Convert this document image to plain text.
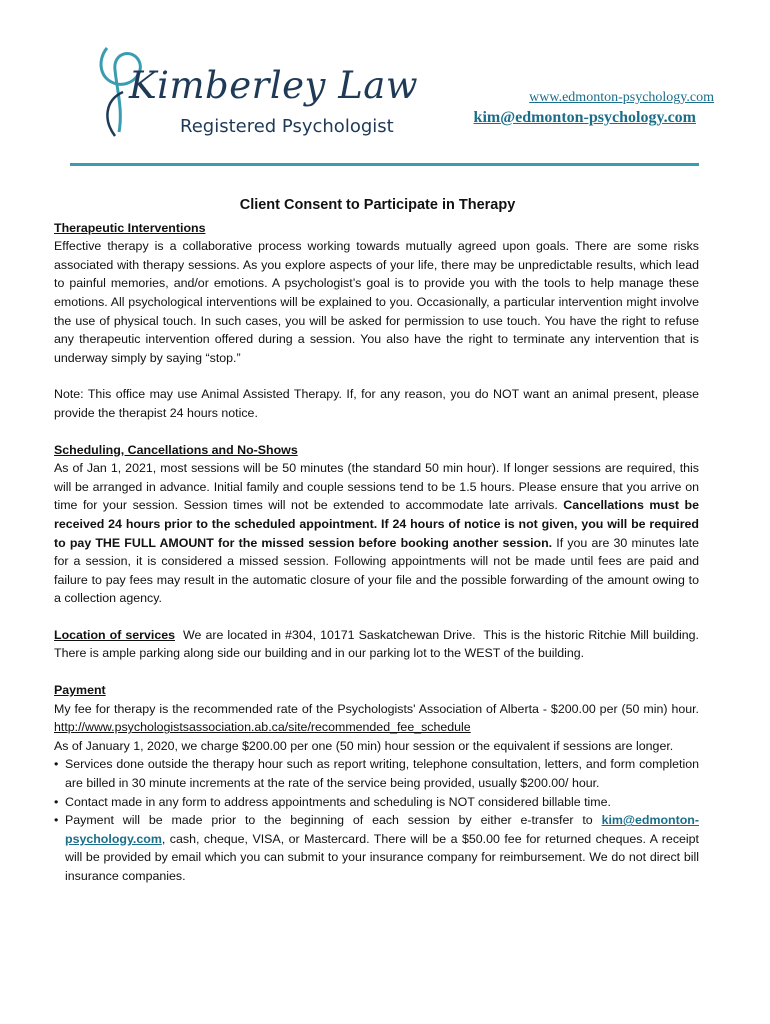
Kimberley Law
Registered Psychologist
www.edmonton-psychology.com
kim@edmonton-psychology.com
Client Consent to Participate in Therapy
Therapeutic Interventions

Effective therapy is a collaborative process working towards mutually agreed upon goals. There are some risks associated with therapy sessions. As you explore aspects of your life, there may be unpredictable results, which lead to painful memories, and/or emotions. A psychologist’s goal is to provide you with the tools to help manage these emotions. All psychological interventions will be explained to you. Occasionally, a particular intervention might involve the use of physical touch. In such cases, you will be asked for permission to use touch. You have the right to refuse any therapeutic intervention offered during a session. You also have the right to terminate any intervention that is underway simply by saying “stop.”

Note: This office may use Animal Assisted Therapy. If, for any reason, you do NOT want an animal present, please provide the therapist 24 hours notice.

Scheduling, Cancellations and No-Shows

As of Jan 1, 2021, most sessions will be 50 minutes (the standard 50 min hour). If longer sessions are required, this will be arranged in advance. Initial family and couple sessions tend to be 1.5 hours. Please ensure that you arrive on time for your session. Session times will not be extended to accommodate late arrivals. Cancellations must be received 24 hours prior to the scheduled appointment. If 24 hours of notice is not given, you will be required to pay THE FULL AMOUNT for the missed session before booking another session. If you are 30 minutes late for a session, it is considered a missed session. Following appointments will not be made until fees are paid and failure to pay fees may result in the automatic closure of your file and the possible forwarding of the amount owing to a collection agency.

Location of services  We are located in #304, 10171 Saskatchewan Drive.  This is the historic Ritchie Mill building. There is ample parking along side our building and in our parking lot to the WEST of the building.

Payment

My fee for therapy is the recommended rate of the Psychologists' Association of Alberta - $200.00 per (50 min) hour. http://www.psychologistsassociation.ab.ca/site/recommended_fee_schedule

As of January 1, 2020, we charge $200.00 per one (50 min) hour session or the equivalent if sessions are longer.

• Services done outside the therapy hour such as report writing, telephone consultation, letters, and form completion are billed in 30 minute increments at the rate of the service being provided, usually $200.00/ hour.
• Contact made in any form to address appointments and scheduling is NOT considered billable time.
• Payment will be made prior to the beginning of each session by either e-transfer to kim@edmonton-psychology.com, cash, cheque, VISA, or Mastercard. There will be a $50.00 fee for returned cheques. A receipt will be provided by email which you can submit to your insurance company for reimbursement. We do not direct bill insurance companies.
